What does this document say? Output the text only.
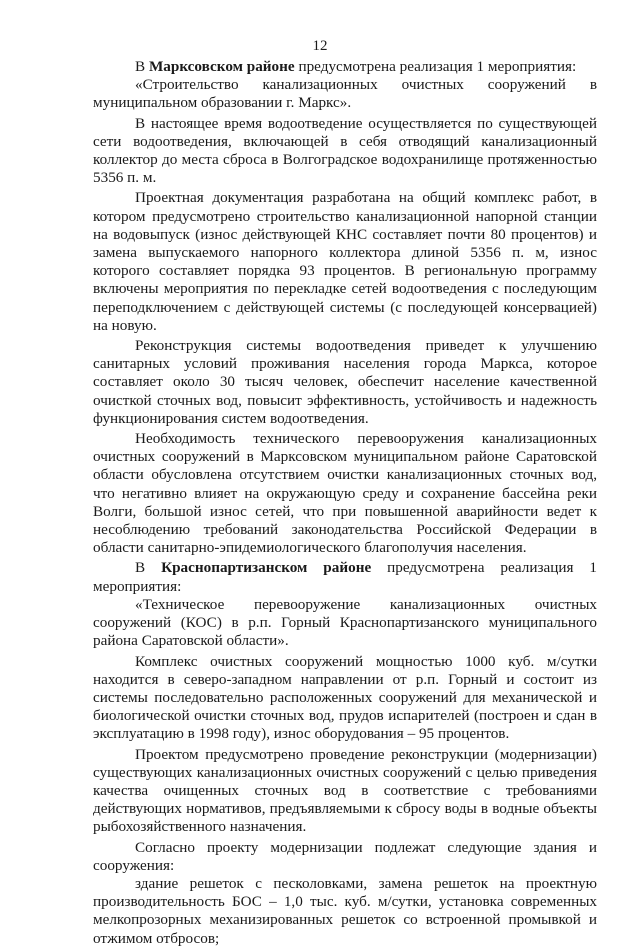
12

В Марксовском районе предусмотрена реализация 1 мероприятия:

«Строительство канализационных очистных сооружений в муниципальном образовании г. Маркс».

В настоящее время водоотведение осуществляется по существующей сети водоотведения, включающей в себя отводящий канализационный коллектор до места сброса в Волгоградское водохранилище протяженностью 5356 п. м.

Проектная документация разработана на общий комплекс работ, в котором предусмотрено строительство канализационной напорной станции на водовыпуск (износ действующей КНС составляет почти 80 процентов) и замена выпускаемого напорного коллектора длиной 5356 п. м, износ которого составляет порядка 93 процентов. В региональную программу включены мероприятия по перекладке сетей водоотведения с последующим переподключением с действующей системы (с последующей консервацией) на новую.

Реконструкция системы водоотведения приведет к улучшению санитарных условий проживания населения города Маркса, которое составляет около 30 тысяч человек, обеспечит население качественной очисткой сточных вод, повысит эффективность, устойчивость и надежность функционирования систем водоотведения.

Необходимость технического перевооружения канализационных очистных сооружений в Марксовском муниципальном районе Саратовской области обусловлена отсутствием очистки канализационных сточных вод, что негативно влияет на окружающую среду и сохранение бассейна реки Волги, большой износ сетей, что при повышенной аварийности ведет к несоблюдению требований законодательства Российской Федерации в области санитарно-эпидемиологического благополучия населения.

В Краснопартизанском районе предусмотрена реализация 1 мероприятия:

«Техническое перевооружение канализационных очистных сооружений (КОС) в р.п. Горный Краснопартизанского муниципального района Саратовской области».

Комплекс очистных сооружений мощностью 1000 куб. м/сутки находится в северо-западном направлении от р.п. Горный и состоит из системы последовательно расположенных сооружений для механической и биологической очистки сточных вод, прудов испарителей (построен и сдан в эксплуатацию в 1998 году), износ оборудования – 95 процентов.

Проектом предусмотрено проведение реконструкции (модернизации) существующих канализационных очистных сооружений с целью приведения качества очищенных сточных вод в соответствие с требованиями действующих нормативов, предъявляемыми к сбросу воды в водные объекты рыбохозяйственного назначения.

Согласно проекту модернизации подлежат следующие здания и сооружения:

здание решеток с песколовками, замена решеток на проектную производительность БОС – 1,0 тыс. куб. м/сутки, установка современных мелкопрозорных механизированных решеток со встроенной промывкой и отжимом отбросов;
